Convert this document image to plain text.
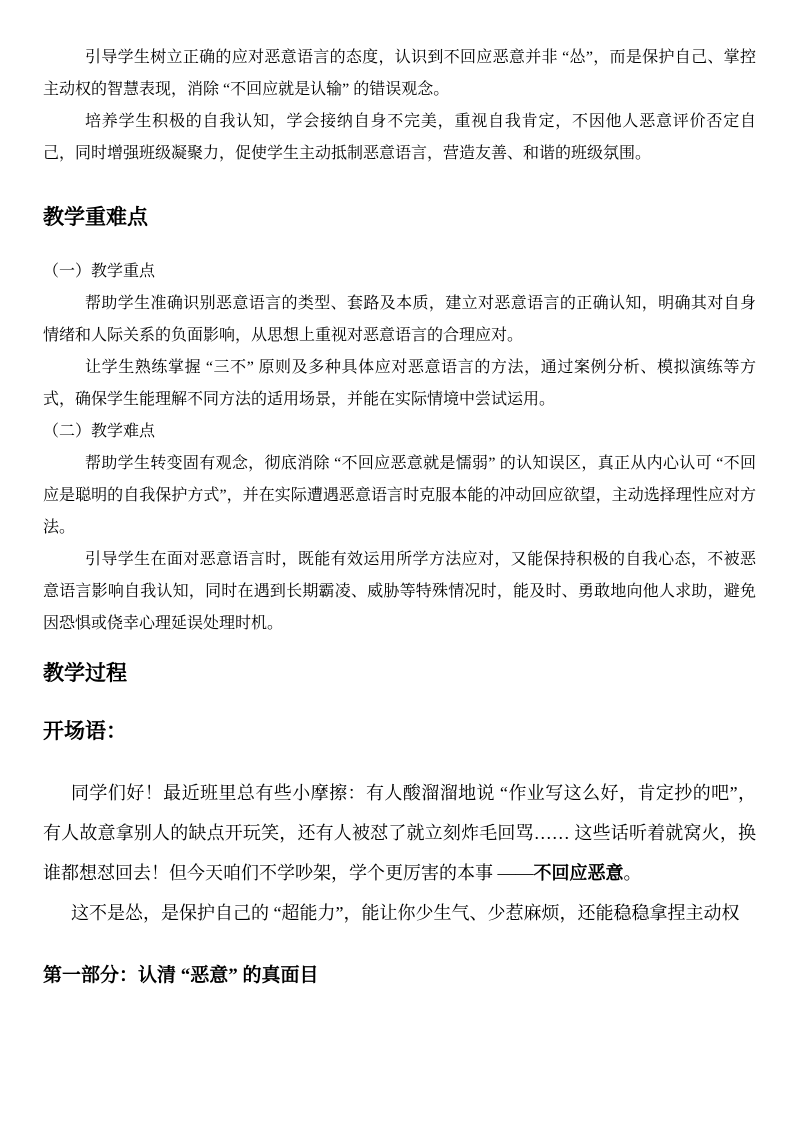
引导学生树立正确的应对恶意语言的态度，认识到不回应恶意并非 “怂”，而是保护自己、掌控主动权的智慧表现，消除 “不回应就是认输” 的错误观念。

培养学生积极的自我认知，学会接纳自身不完美，重视自我肯定，不因他人恶意评价否定自己，同时增强班级凝聚力，促使学生主动抵制恶意语言，营造友善、和谐的班级氛围。

教学重难点

（一）教学重点

帮助学生准确识别恶意语言的类型、套路及本质，建立对恶意语言的正确认知，明确其对自身情绪和人际关系的负面影响，从思想上重视对恶意语言的合理应对。

让学生熟练掌握 “三不” 原则及多种具体应对恶意语言的方法，通过案例分析、模拟演练等方式，确保学生能理解不同方法的适用场景，并能在实际情境中尝试运用。

（二）教学难点

帮助学生转变固有观念，彻底消除 “不回应恶意就是懦弱” 的认知误区，真正从内心认可 “不回应是聪明的自我保护方式”，并在实际遭遇恶意语言时克服本能的冲动回应欲望，主动选择理性应对方法。

引导学生在面对恶意语言时，既能有效运用所学方法应对，又能保持积极的自我心态，不被恶意语言影响自我认知，同时在遇到长期霸凌、威胁等特殊情况时，能及时、勇敢地向他人求助，避免因恐惧或侥幸心理延误处理时机。

教学过程
开场语：

同学们好！最近班里总有些小摩擦：有人酸溜溜地说 “作业写这么好，肯定抄的吧”，有人故意拿别人的缺点开玩笑，还有人被怼了就立刻炸毛回骂…… 这些话听着就窝火，换谁都想怼回去！但今天咱们不学吵架，学个更厉害的本事 ——不回应恶意。

这不是怂，是保护自己的 “超能力”，能让你少生气、少惹麻烦，还能稳稳拿捏主动权

第一部分：认清 “恶意” 的真面目
